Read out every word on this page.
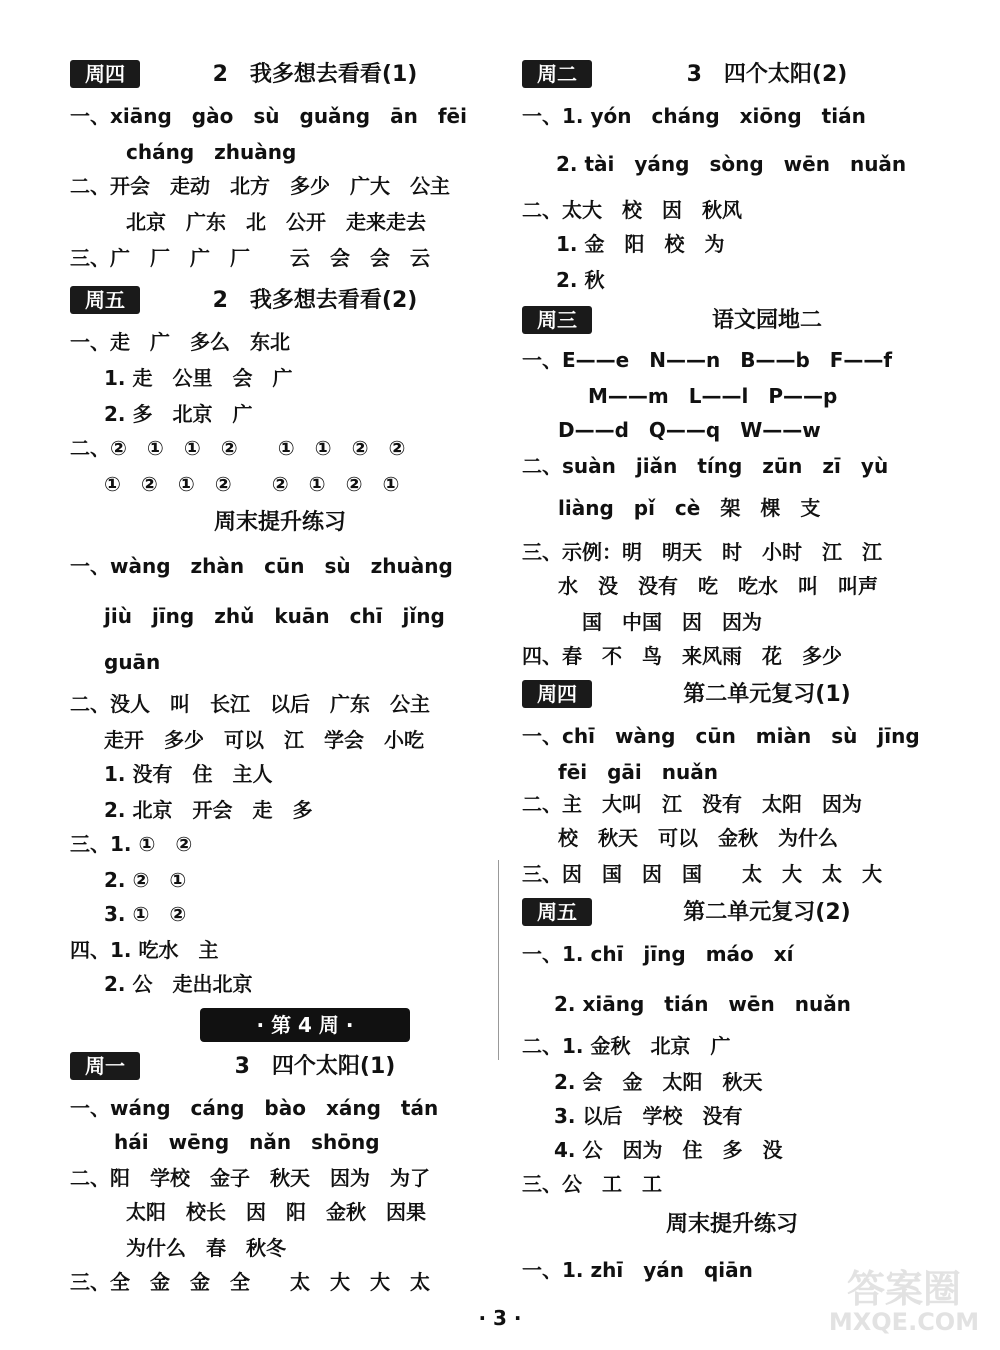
周四	2　我多想去看看(1)
一、xiāng　gào　sù　guǎng　ān　fēi
cháng　zhuàng
二、开会　走动　北方　多少　广大　公主
北京　广东　北　公开　走来走去
三、广　厂　广　厂　　云　会　会　云
周五	2　我多想去看看(2)
一、走　广　多么　东北
1. 走　公里　会　广
2. 多　北京　广
二、②　①　①　②　　①　①　②　②
①　②　①　②　　②　①　②　①
周末提升练习
一、wàng　zhàn　cūn　sù　zhuàng
jiù　jīng　zhǔ　kuān　chī　jǐng
guān
二、没人　叫　长江　以后　广东　公主
走开　多少　可以　江　学会　小吃
1. 没有　住　主人
2. 北京　开会　走　多
三、1. ①　②
2. ②　①
3. ①　②
四、1. 吃水　主
2. 公　走出北京
· 第 4 周 ·
周一	3　四个太阳(1)
一、wáng　cáng　bào　xáng　tán
hái　wēng　nǎn　shōng
二、阳　学校　金子　秋天　因为　为了
太阳　校长　因　阳　金秋　因果
为什么　春　秋冬
三、全　金　金　全　　太　大　大　太
周二	3　四个太阳(2)
一、1. yón　cháng　xiōng　tián
2. tài　yáng　sòng　wēn　nuǎn
二、太大　校　因　秋风
1. 金　阳　校　为
2. 秋
周三	语文园地二
一、E——e　N——n　B——b　F——f
M——m　L——l　P——p
D——d　Q——q　W——w
二、suàn　jiǎn　tíng　zūn　zī　yù
liàng　pǐ　cè　架　棵　支
三、示例：明　明天　时　小时　江　江
水　没　没有　吃　吃水　叫　叫声
国　中国　因　因为
四、春　不　鸟　来风雨　花　多少
周四	第二单元复习(1)
一、chī　wàng　cūn　miàn　sù　jīng
fēi　gāi　nuǎn
二、主　大叫　江　没有　太阳　因为
校　秋天　可以　金秋　为什么
三、因　国　因　国　　太　大　太　大
周五	第二单元复习(2)
一、1. chī　jīng　máo　xí
2. xiāng　tián　wēn　nuǎn
二、1. 金秋　北京　广
2. 会　金　太阳　秋天
3. 以后　学校　没有
4. 公　因为　住　多　没
三、公　工　工
周末提升练习
一、1. zhī　yán　qiān
· 3 ·
答案圈
MXQE.COM
